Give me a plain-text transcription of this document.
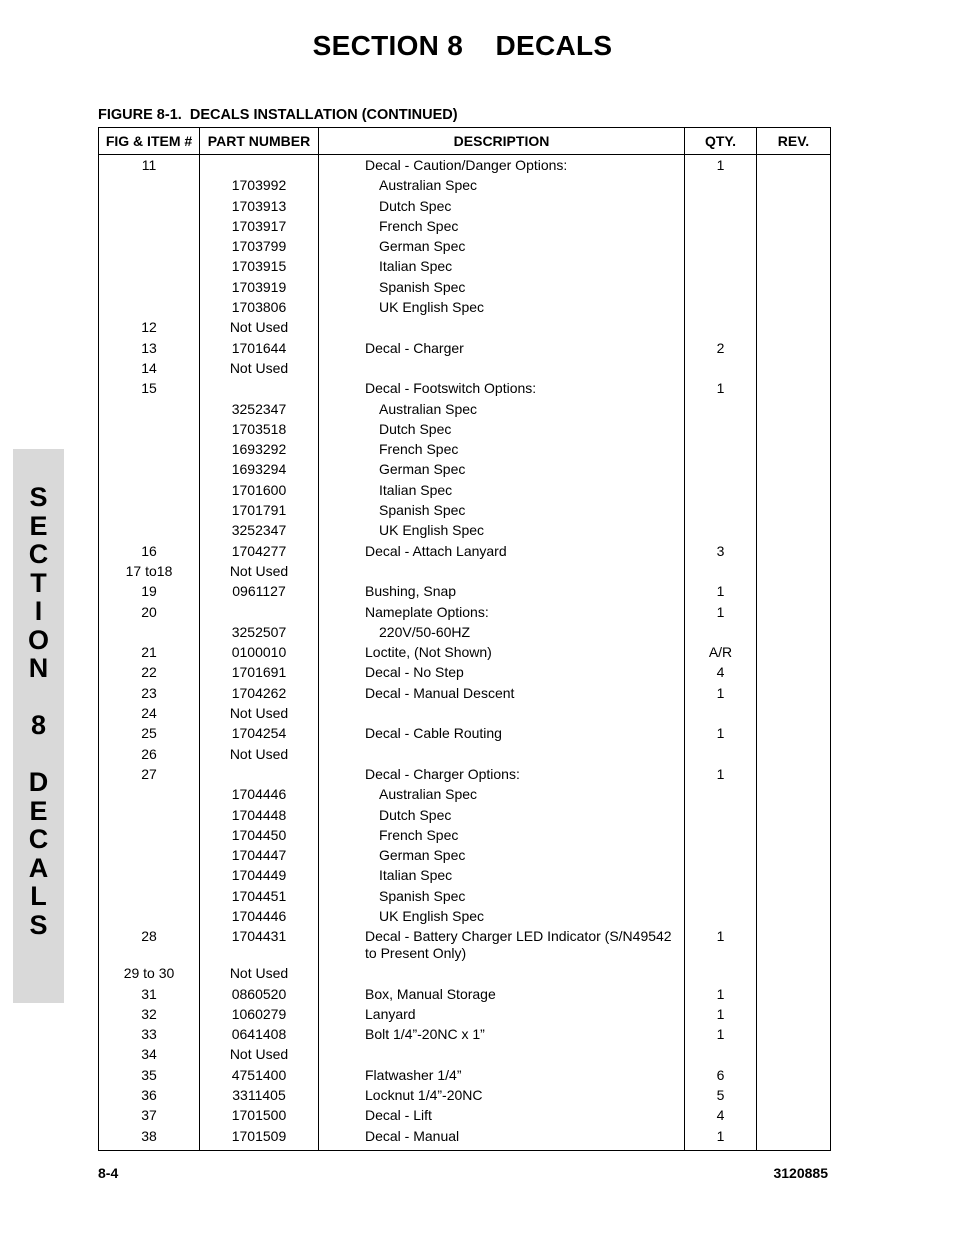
SECTION 8    DECALS
FIGURE 8-1.  DECALS INSTALLATION (CONTINUED)
FIG & ITEM #	PART NUMBER	DESCRIPTION	QTY.	REV.
11		Decal - Caution/Danger Options:	1	
	1703992	Australian Spec		
	1703913	Dutch Spec		
	1703917	French Spec		
	1703799	German Spec		
	1703915	Italian Spec		
	1703919	Spanish Spec		
	1703806	UK English Spec		
12	Not Used			
13	1701644	Decal - Charger	2	
14	Not Used			
15		Decal - Footswitch Options:	1	
	3252347	Australian Spec		
	1703518	Dutch Spec		
	1693292	French Spec		
	1693294	German Spec		
	1701600	Italian Spec		
	1701791	Spanish Spec		
	3252347	UK English Spec		
16	1704277	Decal - Attach Lanyard	3	
17 to18	Not Used			
19	0961127	Bushing, Snap	1	
20		Nameplate Options:	1	
	3252507	220V/50-60HZ		
21	0100010	Loctite, (Not Shown)	A/R	
22	1701691	Decal - No Step	4	
23	1704262	Decal - Manual Descent	1	
24	Not Used			
25	1704254	Decal - Cable Routing	1	
26	Not Used			
27		Decal - Charger Options:	1	
	1704446	Australian Spec		
	1704448	Dutch Spec		
	1704450	French Spec		
	1704447	German Spec		
	1704449	Italian Spec		
	1704451	Spanish Spec		
	1704446	UK English Spec		
28	1704431	Decal - Battery Charger LED Indicator (S/N49542 to Present Only)	1	
29 to 30	Not Used			
31	0860520	Box, Manual Storage	1	
32	1060279	Lanyard	1	
33	0641408	Bolt 1/4”-20NC x 1”	1	
34	Not Used			
35	4751400	Flatwasher 1/4”	6	
36	3311405	Locknut 1/4”-20NC	5	
37	1701500	Decal - Lift	4	
38	1701509	Decal - Manual	1	
S
E
C
T
I
O
N
8
D
E
C
A
L
S
8-4	3120885
